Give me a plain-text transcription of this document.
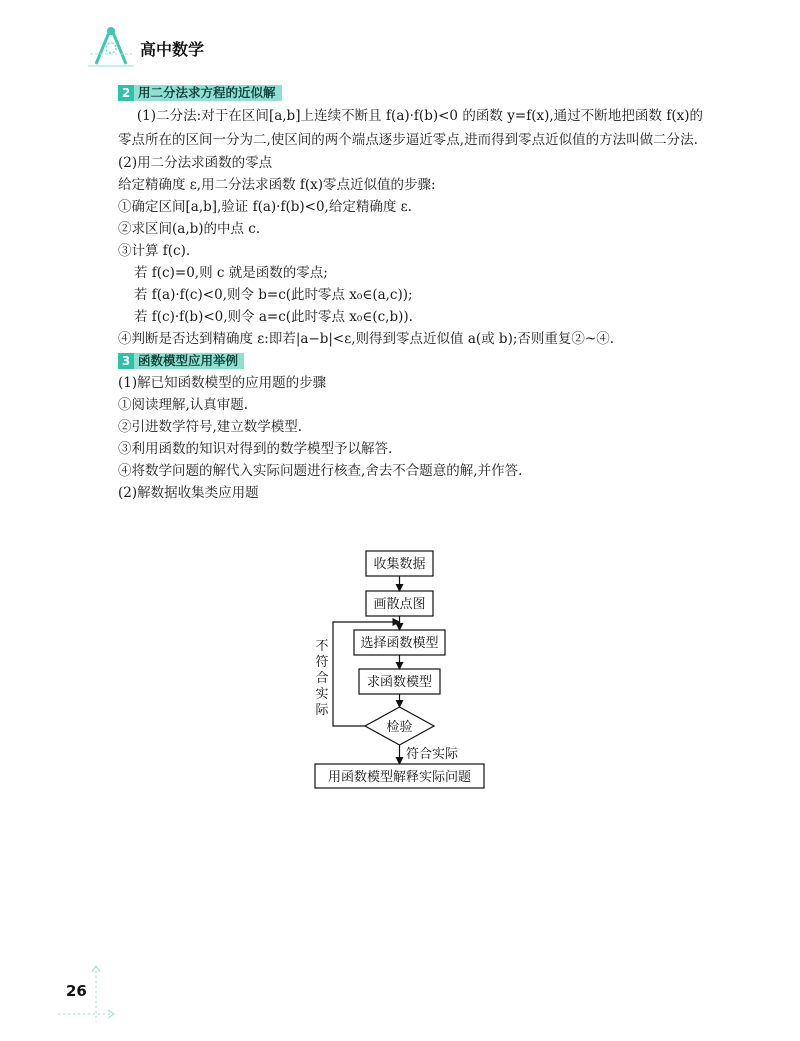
高中数学
2 用二分法求方程的近似解

(1)二分法:对于在区间[a,b]上连续不断且 f(a)·f(b)<0 的函数 y=f(x),通过不断地把函数 f(x)的零点所在的区间一分为二,使区间的两个端点逐步逼近零点,进而得到零点近似值的方法叫做二分法.

(2)用二分法求函数的零点

给定精确度 ε,用二分法求函数 f(x)零点近似值的步骤:

①确定区间[a,b],验证 f(a)·f(b)<0,给定精确度 ε.

②求区间(a,b)的中点 c.

③计算 f(c).

若 f(c)=0,则 c 就是函数的零点;

若 f(a)·f(c)<0,则令 b=c(此时零点 x₀∈(a,c));

若 f(c)·f(b)<0,则令 a=c(此时零点 x₀∈(c,b)).

④判断是否达到精确度 ε:即若|a−b|<ε,则得到零点近似值 a(或 b);否则重复②~④.

3 函数模型应用举例

(1)解已知函数模型的应用题的步骤

①阅读理解,认真审题.

②引进数学符号,建立数学模型.

③利用函数的知识对得到的数学模型予以解答.

④将数学问题的解代入实际问题进行核查,舍去不合题意的解,并作答.

(2)解数据收集类应用题

收集数据
画散点图
选择函数模型
求函数模型
检验
符合实际
用函数模型解释实际问题
不
符
合
实
际
26
